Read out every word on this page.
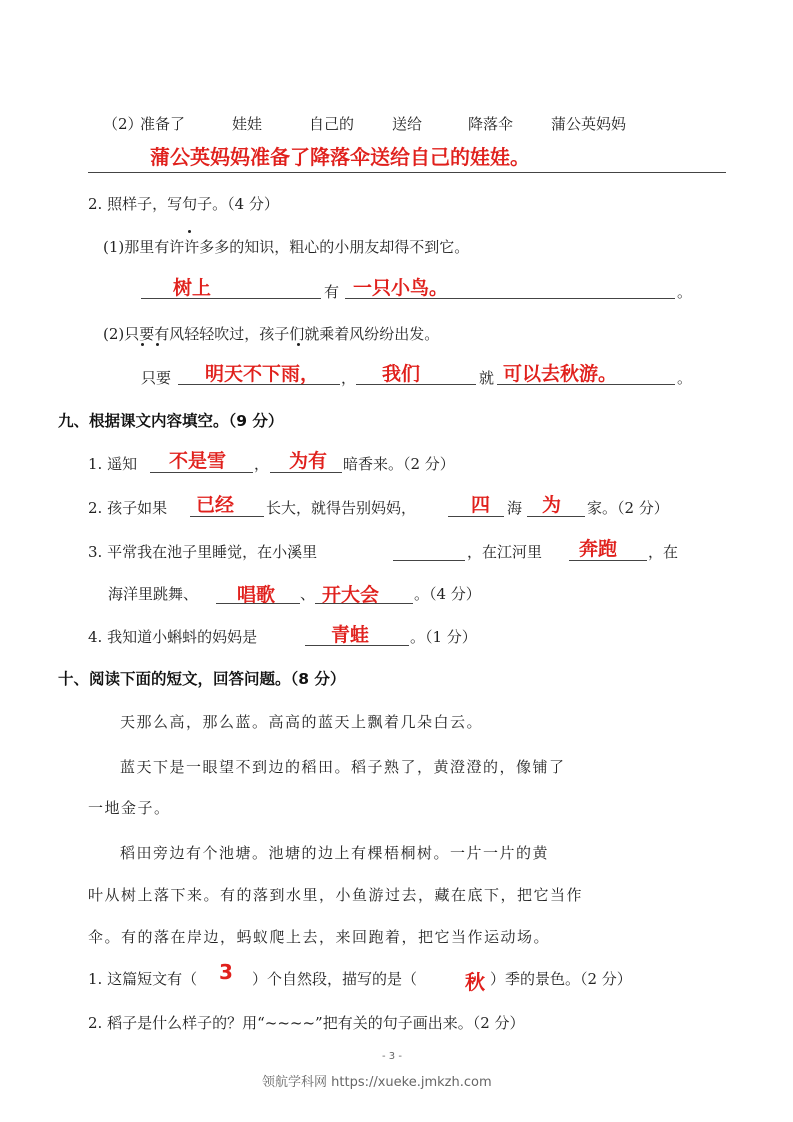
（2）
准备了	娃娃	自己的	送给	降落伞	蒲公英妈妈
蒲公英妈妈准备了降落伞送给自己的娃娃。
2. 照样子，写句子。（4 分）
(1)那里有许许多多的知识，粗心的小朋友却得不到它。
树上	有 一只小鸟。	。
(2)只要有风轻轻吹过，孩子们就乘着风纷纷出发。
只要 明天不下雨， ， 我们	就 可以去秋游。	。
九、根据课文内容填空。（9 分）
1. 遥知 不是雪 ， 为有 暗香来。（2 分）
2. 孩子如果 已经 长大，就得告别妈妈，	四 海 为 家。（2 分）
3. 平常我在池子里睡觉，在小溪里	，在江河里 奔跑 ，在
海洋里跳舞、 唱歌 、 开大会 。（4 分）
4. 我知道小蝌蚪的妈妈是	青蛙	。（1 分）
十、阅读下面的短文，回答问题。（8 分）
天那么高，那么蓝。高高的蓝天上飘着几朵白云。
蓝天下是一眼望不到边的稻田。稻子熟了，黄澄澄的，像铺了
一地金子。
稻田旁边有个池塘。池塘的边上有棵梧桐树。一片一片的黄
叶从树上落下来。有的落到水里，小鱼游过去，藏在底下，把它当作
伞。有的落在岸边，蚂蚁爬上去，来回跑着，把它当作运动场。
1. 这篇短文有（ 3 ）个自然段，描写的是（ 秋 ）季的景色。（2 分）
2. 稻子是什么样子的？用“~~~~”把有关的句子画出来。（2 分）
- 3 -
领航学科网 https://xueke.jmkzh.com
